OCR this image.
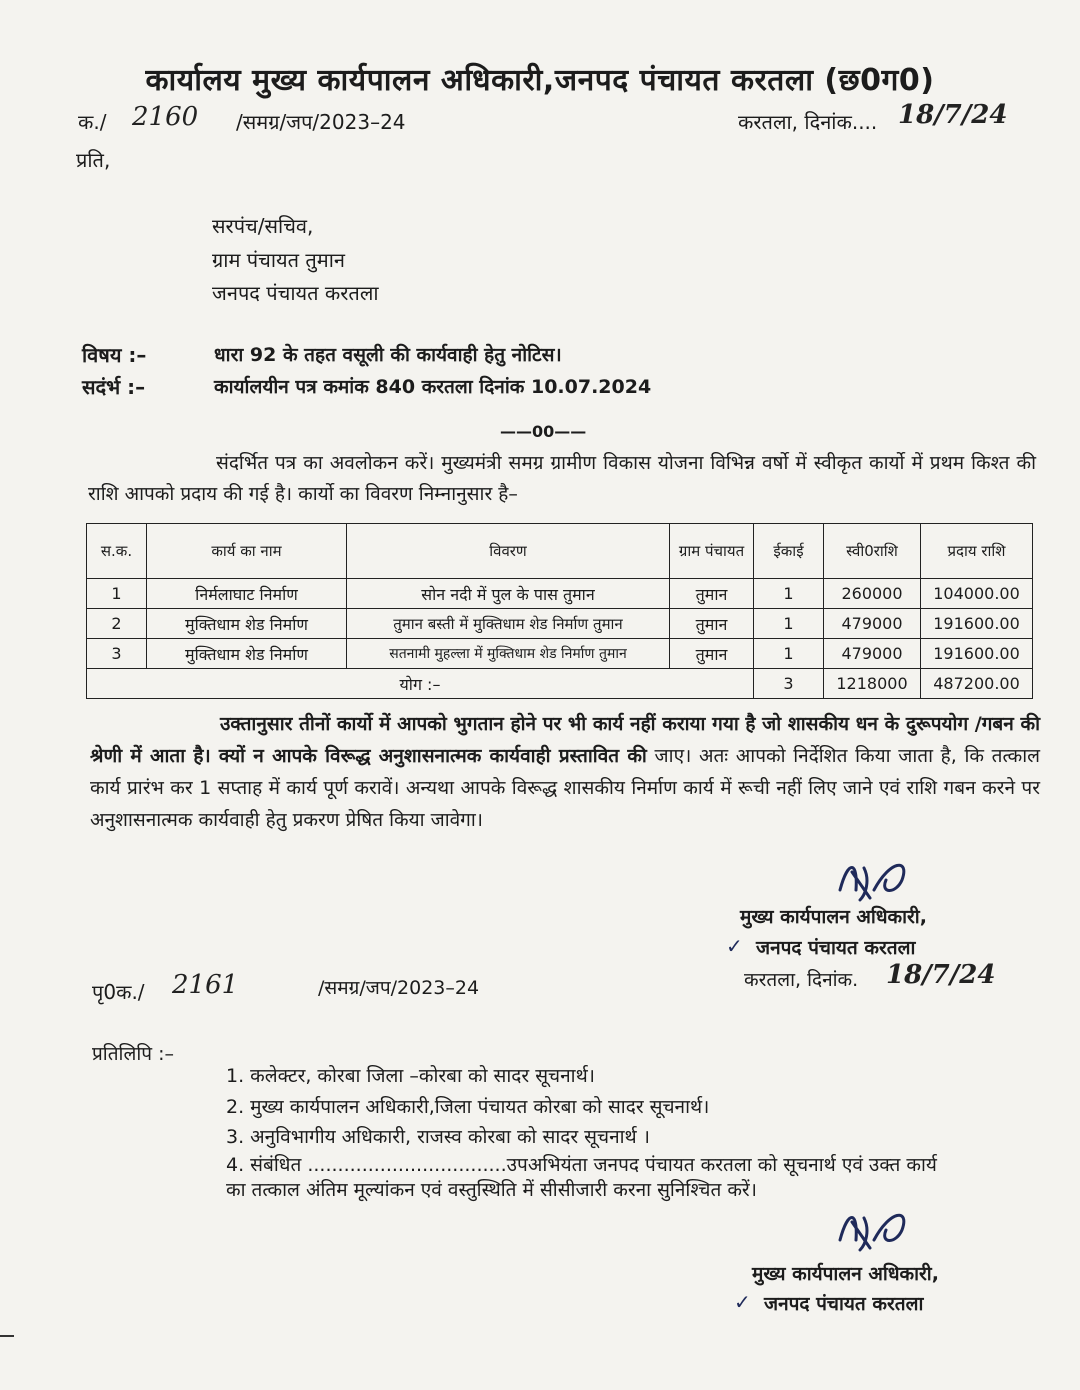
कार्यालय मुख्य कार्यपालन अधिकारी,जनपद पंचायत करतला (छ0ग0)
क./ 2160 /समग्र/जप/2023–24	करतला, दिनांक.... 18/7/24
प्रति,
सरपंच/सचिव,
ग्राम पंचायत तुमान
जनपद पंचायत करतला
विषय :–	धारा 92 के तहत वसूली की कार्यवाही हेतु नोटिस।
सदंर्भ :–	कार्यालयीन पत्र कमांक 840 करतला दिनांक 10.07.2024
——00——
संदर्भित पत्र का अवलोकन करें। मुख्यमंत्री समग्र ग्रामीण विकास योजना विभिन्न वर्षो में स्वीकृत कार्यो में प्रथम किश्त की राशि आपको प्रदाय की गई है। कार्यो का विवरण निम्नानुसार है–
स.क.	कार्य का नाम	विवरण	ग्राम पंचायत	ईकाई	स्वी0राशि	प्रदाय राशि
1	निर्मलाघाट निर्माण	सोन नदी में पुल के पास तुमान	तुमान	1	260000	104000.00
2	मुक्तिधाम शेड निर्माण	तुमान बस्ती में मुक्तिधाम शेड निर्माण तुमान	तुमान	1	479000	191600.00
3	मुक्तिधाम शेड निर्माण	सतनामी मुहल्ला में मुक्तिधाम शेड निर्माण तुमान	तुमान	1	479000	191600.00
योग :–				3	1218000	487200.00
उक्तानुसार तीनों कार्यो में आपको भुगतान होने पर भी कार्य नहीं कराया गया है जो शासकीय धन के दुरूपयोग /गबन की श्रेणी में आता है। क्यों न आपके विरूद्ध अनुशासनात्मक कार्यवाही प्रस्तावित की जाए। अतः आपको निर्देशित किया जाता है, कि तत्काल कार्य प्रारंभ कर 1 सप्ताह में कार्य पूर्ण करावें। अन्यथा आपके विरूद्ध शासकीय निर्माण कार्य में रूची नहीं लिए जाने एवं राशि गबन करने पर अनुशासनात्मक कार्यवाही हेतु प्रकरण प्रेषित किया जावेगा।
मुख्य कार्यपालन अधिकारी,
✓ जनपद पंचायत करतला
करतला, दिनांक. 18/7/24
पृ0क./ 2161	/समग्र/जप/2023–24
प्रतिलिपि :–
1. कलेक्टर, कोरबा जिला –कोरबा को सादर सूचनार्थ।
2. मुख्य कार्यपालन अधिकारी,जिला पंचायत कोरबा को सादर सूचनार्थ।
3. अनुविभागीय अधिकारी, राजस्व कोरबा को सादर सूचनार्थ ।
4. संबंधित .................................उपअभियंता जनपद पंचायत करतला को सूचनार्थ एवं उक्त कार्य
का तत्काल अंतिम मूल्यांकन एवं वस्तुस्थिति में सीसीजारी करना सुनिश्चित करें।
मुख्य कार्यपालन अधिकारी,
✓ जनपद पंचायत करतला
